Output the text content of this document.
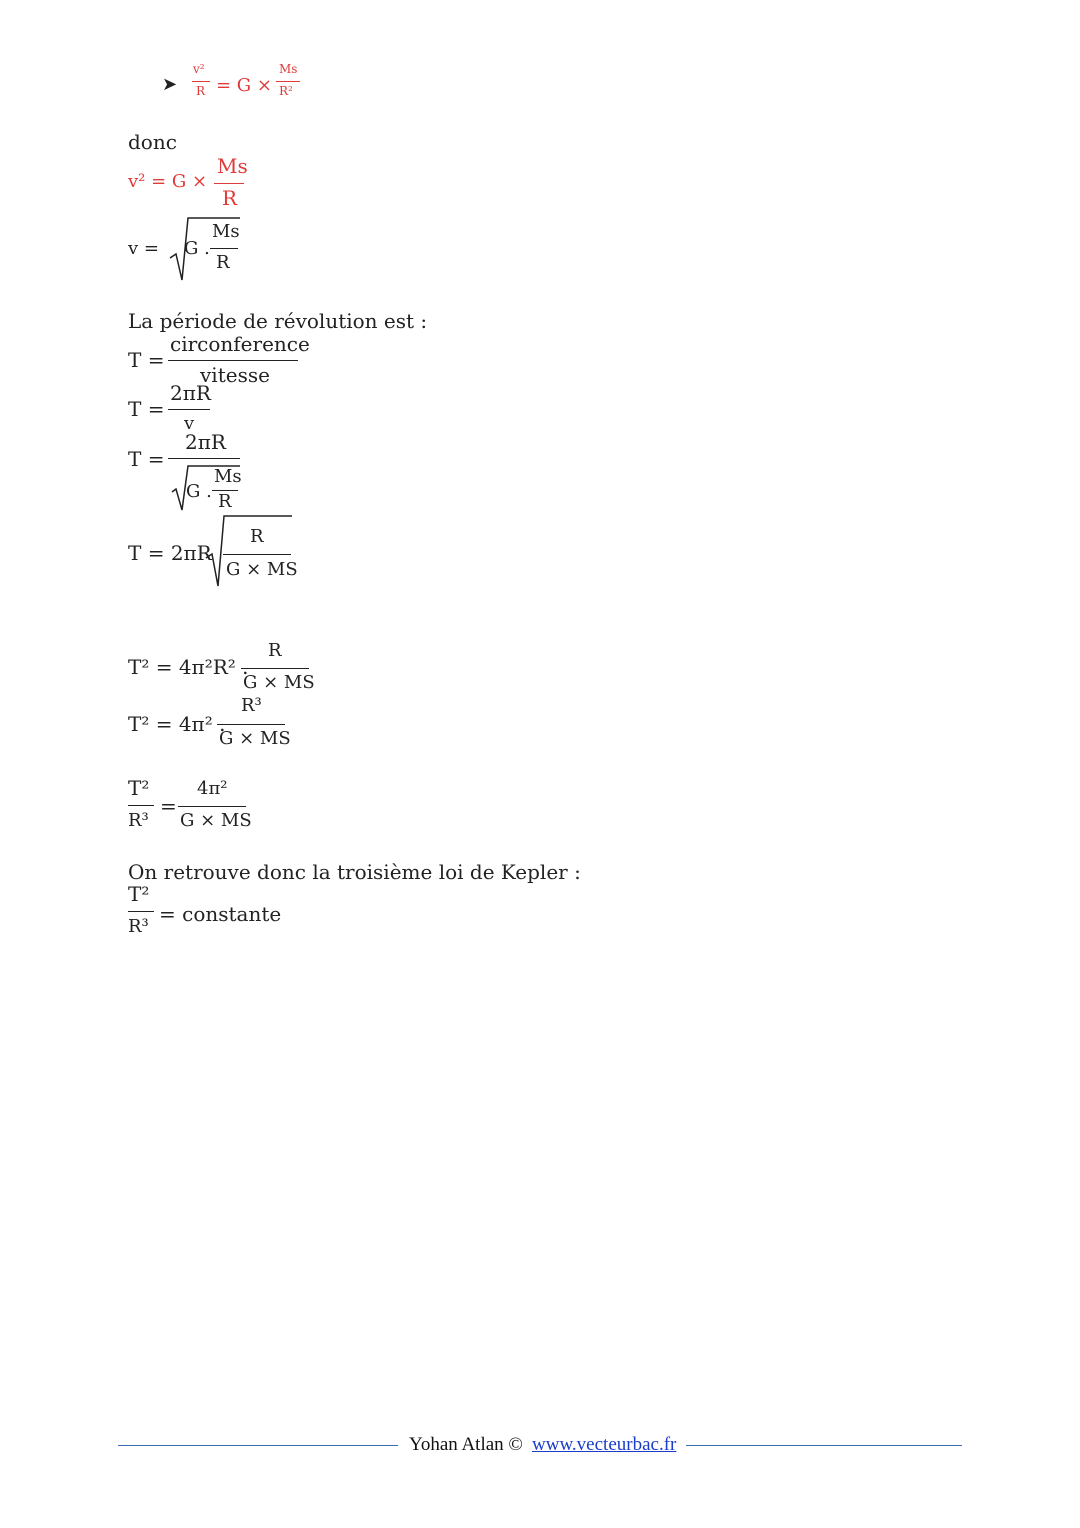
➤
v²
R = G ×
Ms
R²
donc
v² = G ×
Ms
R
v = G .
Ms
R
La période de révolution est :
T =
circonference
vitesse
T =
2πR
v
T =
2πR
G .
Ms
R
T = 2πR
R
G × MS
T² = 4π²R² .
R
G × MS
T² = 4π² .
R³
G × MS
T²
R³
=
4π²
G × MS
On retrouve donc la troisième loi de Kepler :
T²
R³
= constante
Yohan Atlan © www.vecteurbac.fr
